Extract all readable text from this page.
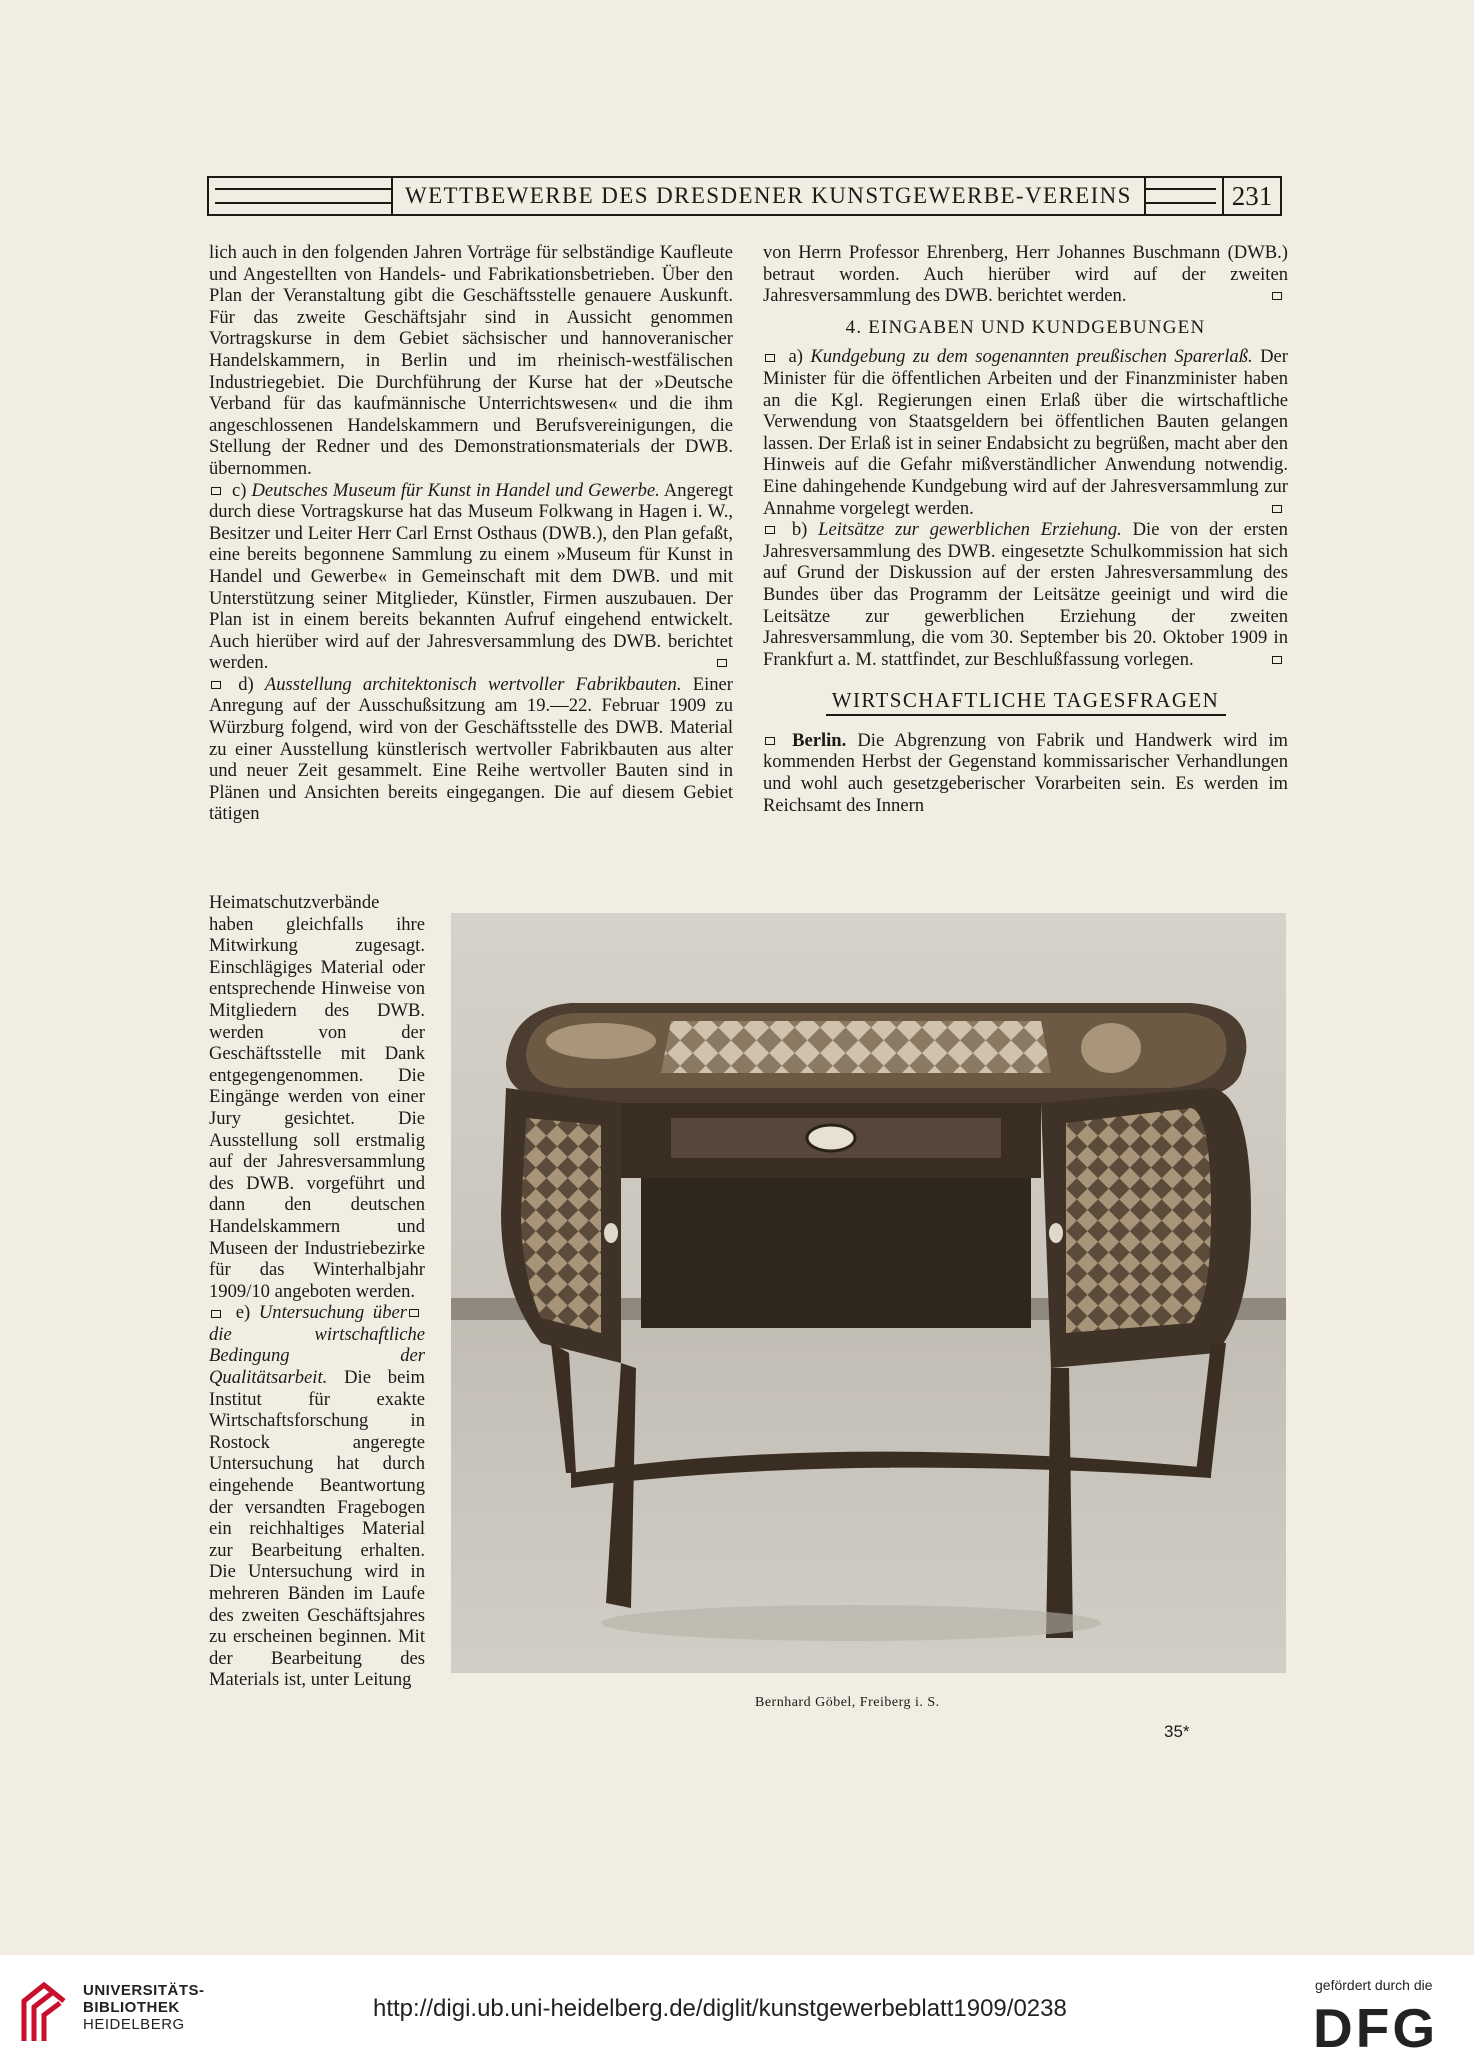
WETTBEWERBE DES DRESDENER KUNSTGEWERBE-VEREINS	231

lich auch in den folgenden Jahren Vorträge für selbständige Kaufleute und Angestellten von Handels- und Fabrikationsbetrieben. Über den Plan der Veranstaltung gibt die Geschäftsstelle genauere Auskunft. Für das zweite Geschäftsjahr sind in Aussicht genommen Vortragskurse in dem Gebiet sächsischer und hannoveranischer Handelskammern, in Berlin und im rheinisch-westfälischen Industriegebiet. Die Durchführung der Kurse hat der »Deutsche Verband für das kaufmännische Unterrichtswesen« und die ihm angeschlossenen Handelskammern und Berufsvereinigungen, die Stellung der Redner und des Demonstrationsmaterials der DWB. übernommen.

c) Deutsches Museum für Kunst in Handel und Gewerbe. Angeregt durch diese Vortragskurse hat das Museum Folkwang in Hagen i. W., Besitzer und Leiter Herr Carl Ernst Osthaus (DWB.), den Plan gefaßt, eine bereits begonnene Sammlung zu einem »Museum für Kunst in Handel und Gewerbe« in Gemeinschaft mit dem DWB. und mit Unterstützung seiner Mitglieder, Künstler, Firmen auszubauen. Der Plan ist in einem bereits bekannten Aufruf eingehend entwickelt. Auch hierüber wird auf der Jahresversammlung des DWB. berichtet werden.

d) Ausstellung architektonisch wertvoller Fabrikbauten. Einer Anregung auf der Ausschußsitzung am 19.—22. Februar 1909 zu Würzburg folgend, wird von der Geschäftsstelle des DWB. Material zu einer Ausstellung künstlerisch wertvoller Fabrikbauten aus alter und neuer Zeit gesammelt. Eine Reihe wertvoller Bauten sind in Plänen und Ansichten bereits eingegangen. Die auf diesem Gebiet tätigen

Heimatschutzverbände haben gleichfalls ihre Mitwirkung zugesagt. Einschlägiges Material oder entsprechende Hinweise von Mitgliedern des DWB. werden von der Geschäftsstelle mit Dank entgegengenommen. Die Eingänge werden von einer Jury gesichtet. Die Ausstellung soll erstmalig auf der Jahresversammlung des DWB. vorgeführt und dann den deutschen Handelskammern und Museen der Industriebezirke für das Winterhalbjahr 1909/10 angeboten werden.

e) Untersuchung über die wirtschaftliche Bedingung der Qualitätsarbeit. Die beim Institut für exakte Wirtschaftsforschung in Rostock angeregte Untersuchung hat durch eingehende Beantwortung der versandten Fragebogen ein reichhaltiges Material zur Bearbeitung erhalten. Die Untersuchung wird in mehreren Bänden im Laufe des zweiten Geschäftsjahres zu erscheinen beginnen. Mit der Bearbeitung des Materials ist, unter Leitung

von Herrn Professor Ehrenberg, Herr Johannes Buschmann (DWB.) betraut worden. Auch hierüber wird auf der zweiten Jahresversammlung des DWB. berichtet werden.

4. EINGABEN UND KUNDGEBUNGEN

a) Kundgebung zu dem sogenannten preußischen Sparerlaß. Der Minister für die öffentlichen Arbeiten und der Finanzminister haben an die Kgl. Regierungen einen Erlaß über die wirtschaftliche Verwendung von Staatsgeldern bei öffentlichen Bauten gelangen lassen. Der Erlaß ist in seiner Endabsicht zu begrüßen, macht aber den Hinweis auf die Gefahr mißverständlicher Anwendung notwendig. Eine dahingehende Kundgebung wird auf der Jahresversammlung zur Annahme vorgelegt werden.

b) Leitsätze zur gewerblichen Erziehung. Die von der ersten Jahresversammlung des DWB. eingesetzte Schulkommission hat sich auf Grund der Diskussion auf der ersten Jahresversammlung des Bundes über das Programm der Leitsätze geeinigt und wird die Leitsätze zur gewerblichen Erziehung der zweiten Jahresversammlung, die vom 30. September bis 20. Oktober 1909 in Frankfurt a. M. stattfindet, zur Beschlußfassung vorlegen.

WIRTSCHAFTLICHE TAGESFRAGEN

Berlin. Die Abgrenzung von Fabrik und Handwerk wird im kommenden Herbst der Gegenstand kommissarischer Verhandlungen und wohl auch gesetzgeberischer Vorarbeiten sein. Es werden im Reichsamt des Innern

Bernhard Göbel, Freiberg i. S.
35*
UNIVERSITÄTS-
BIBLIOTHEK
HEIDELBERG
http://digi.ub.uni-heidelberg.de/diglit/kunstgewerbeblatt1909/0238
gefördert durch die
DFG
